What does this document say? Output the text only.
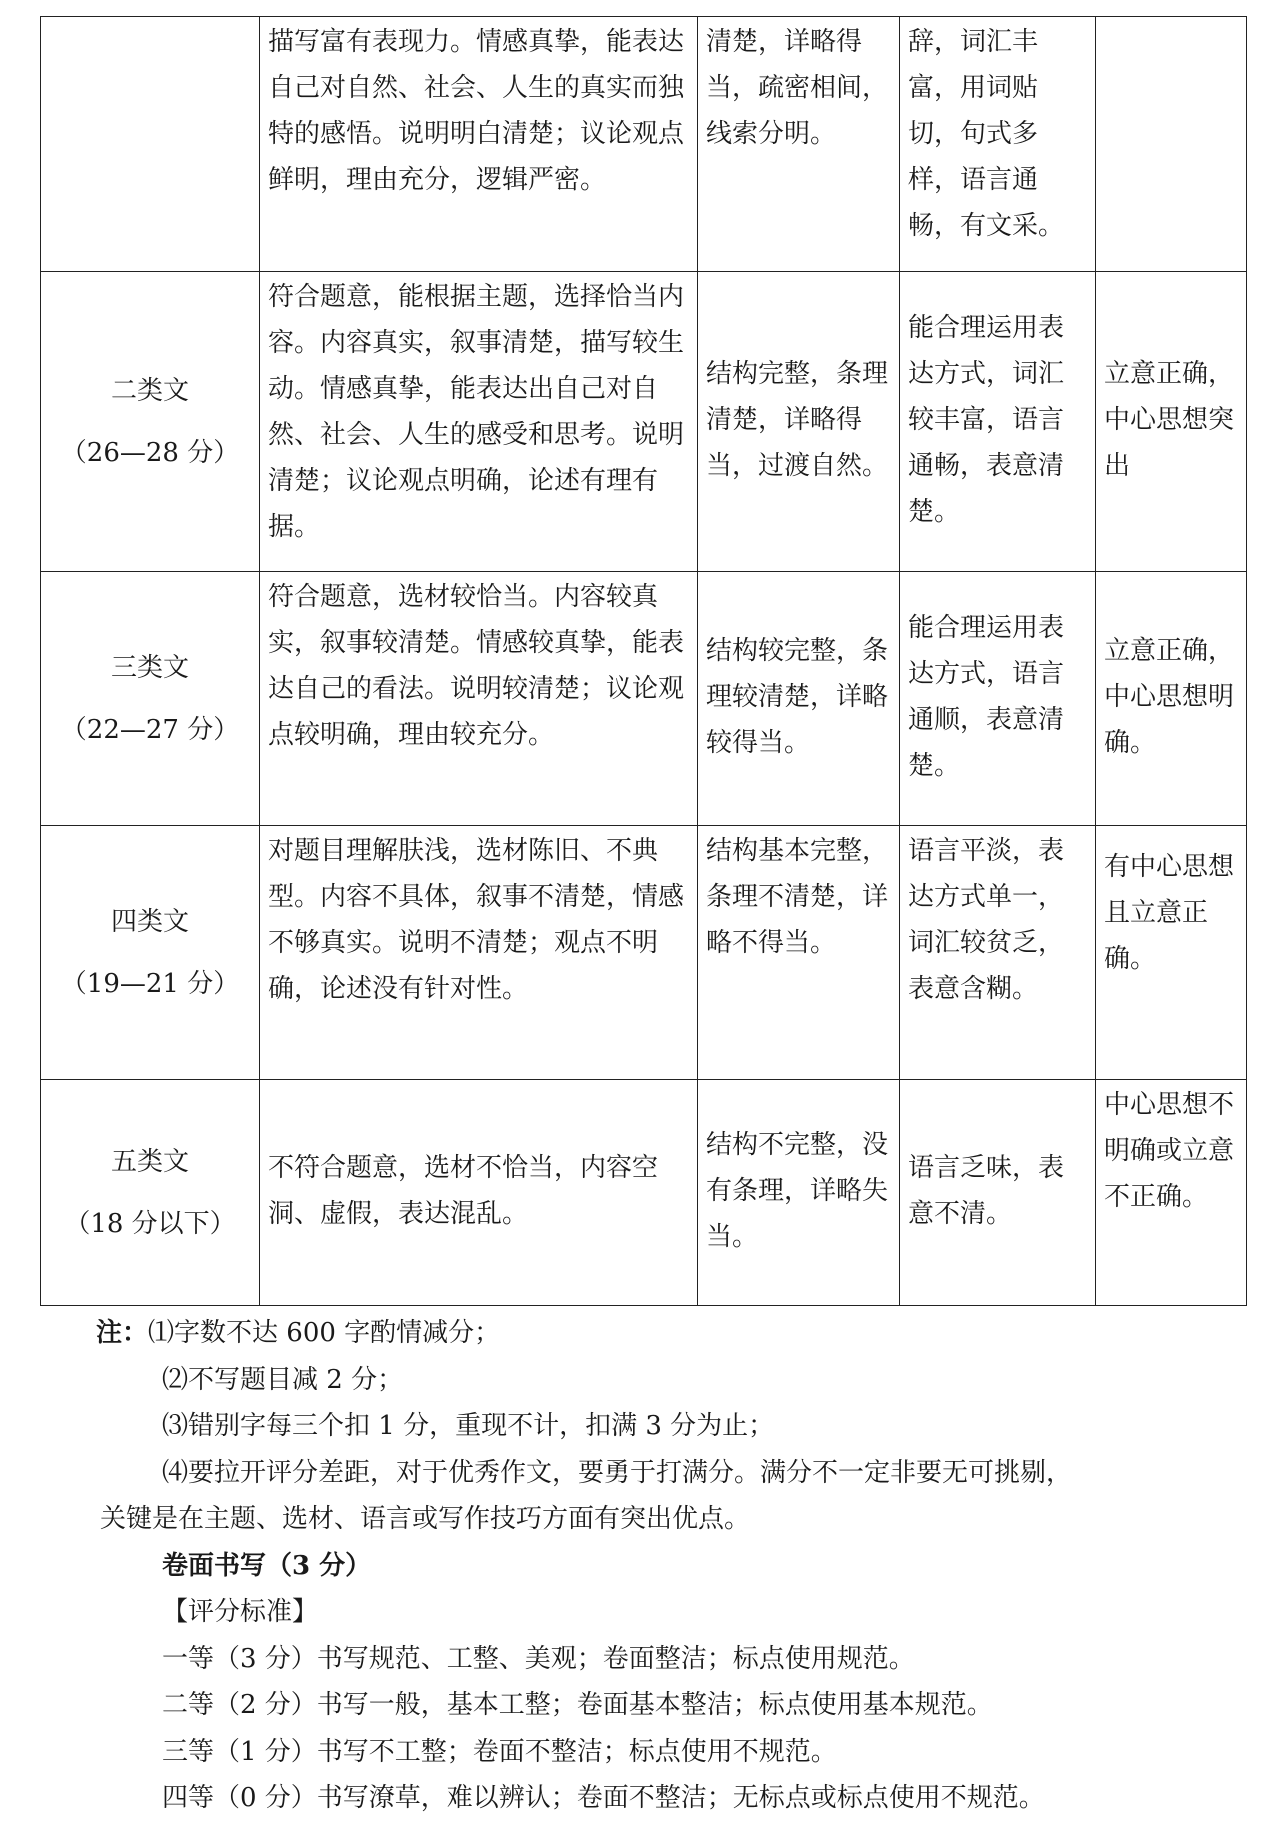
	描写富有表现力。情感真挚，能表达自己对自然、社会、人生的真实而独特的感悟。说明明白清楚；议论观点鲜明，理由充分，逻辑严密。	清楚，详略得当，疏密相间，线索分明。	辞，词汇丰富，用词贴切，句式多样，语言通畅，有文采。	

二类文
（26—28 分）	符合题意，能根据主题，选择恰当内容。内容真实，叙事清楚，描写较生动。情感真挚，能表达出自己对自然、社会、人生的感受和思考。说明清楚；议论观点明确，论述有理有据。	结构完整，条理清楚，详略得当，过渡自然。	能合理运用表达方式，词汇较丰富，语言通畅，表意清楚。	立意正确，中心思想突出

三类文
（22—27 分）	符合题意，选材较恰当。内容较真实，叙事较清楚。情感较真挚，能表达自己的看法。说明较清楚；议论观点较明确，理由较充分。	结构较完整，条理较清楚，详略较得当。	能合理运用表达方式，语言通顺，表意清楚。	立意正确，中心思想明确。

四类文
（19—21 分）	对题目理解肤浅，选材陈旧、不典型。内容不具体，叙事不清楚，情感不够真实。说明不清楚；观点不明确，论述没有针对性。	结构基本完整，条理不清楚，详略不得当。	语言平淡，表达方式单一，词汇较贫乏，表意含糊。	有中心思想且立意正确。

五类文
（18 分以下）	不符合题意，选材不恰当，内容空洞、虚假，表达混乱。	结构不完整，没有条理，详略失当。	语言乏味，表意不清。	中心思想不明确或立意不正确。

注：⑴字数不达 600 字酌情减分；

⑵不写题目减 2 分；

⑶错别字每三个扣 1 分，重现不计，扣满 3 分为止；

⑷要拉开评分差距，对于优秀作文，要勇于打满分。满分不一定非要无可挑剔，

关键是在主题、选材、语言或写作技巧方面有突出优点。

卷面书写（3 分）

【评分标准】

一等（3 分）书写规范、工整、美观；卷面整洁；标点使用规范。

二等（2 分）书写一般，基本工整；卷面基本整洁；标点使用基本规范。

三等（1 分）书写不工整；卷面不整洁；标点使用不规范。

四等（0 分）书写潦草，难以辨认；卷面不整洁；无标点或标点使用不规范。
